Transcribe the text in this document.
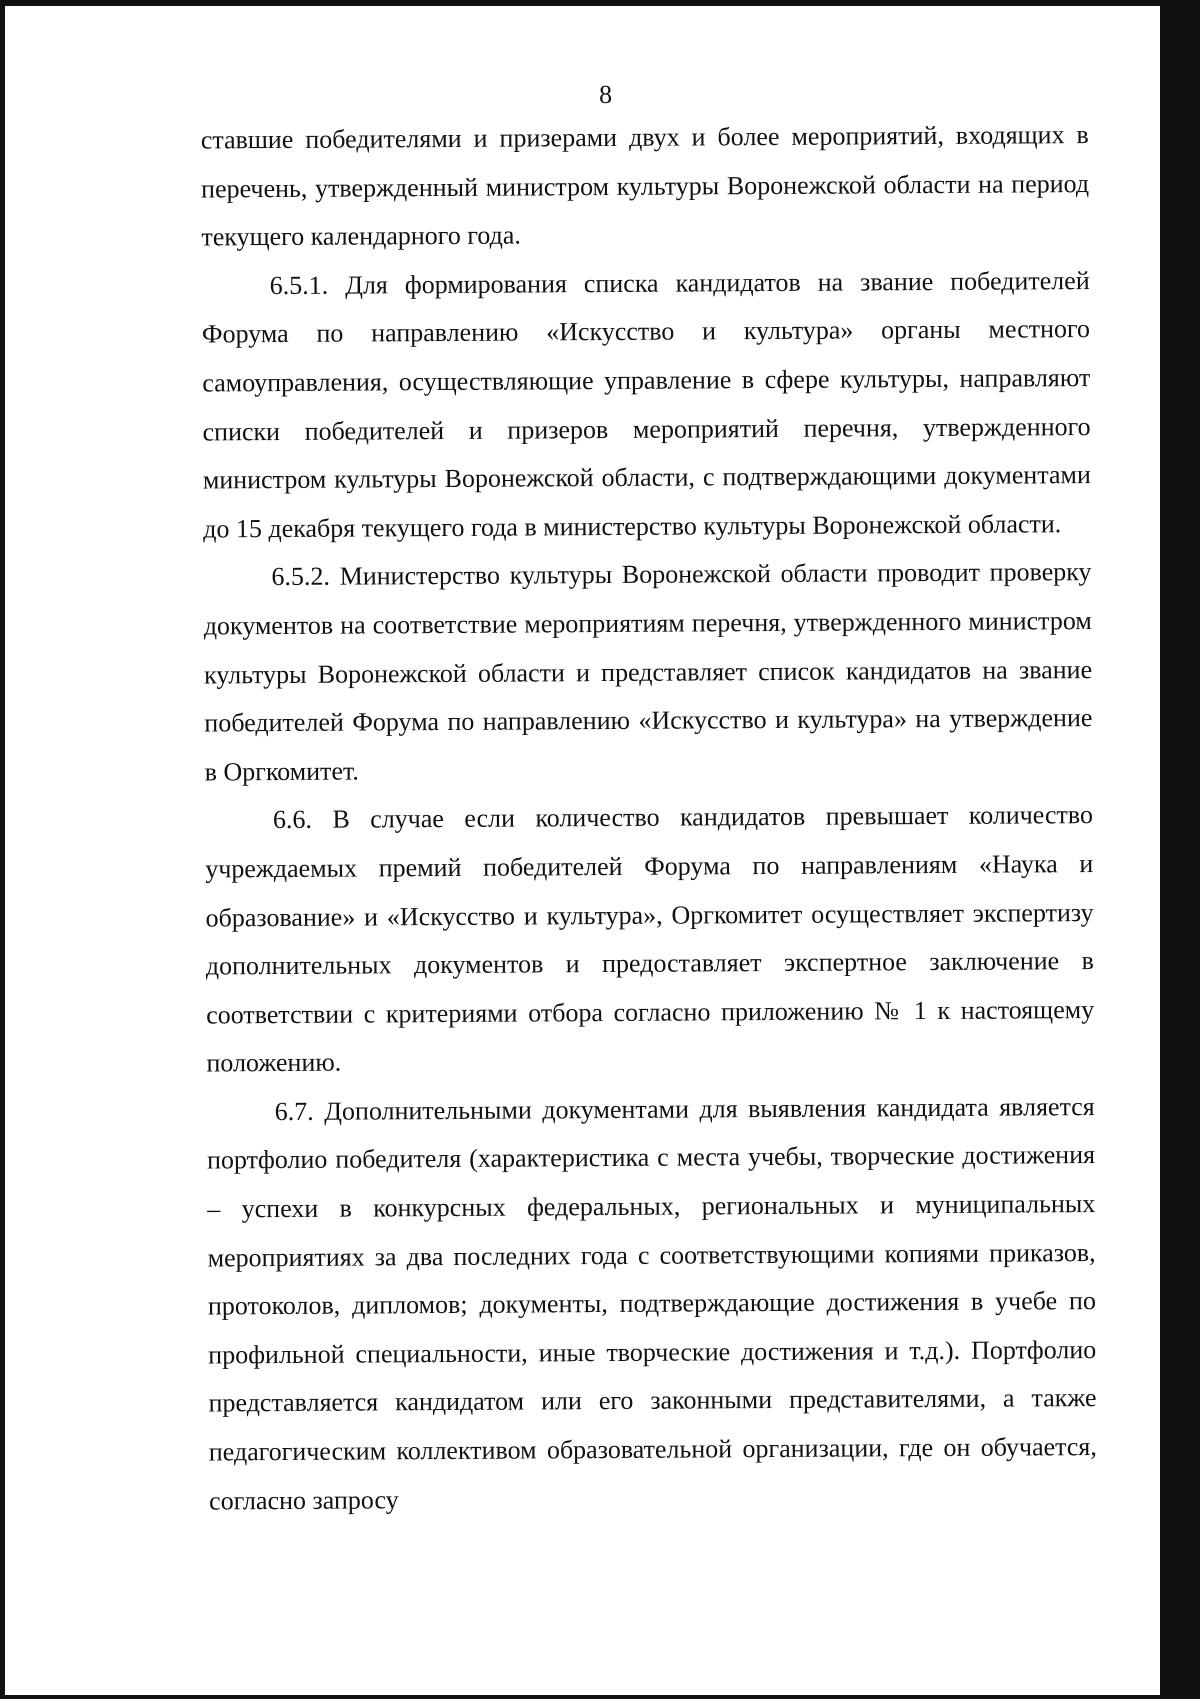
8

ставшие победителями и призерами двух и более мероприятий, входящих в перечень, утвержденный министром культуры Воронежской области на период текущего календарного года.

6.5.1. Для формирования списка кандидатов на звание победителей Форума по направлению «Искусство и культура» органы местного самоуправления, осуществляющие управление в сфере культуры, направляют списки победителей и призеров мероприятий перечня, утвержденного министром культуры Воронежской области, с подтверждающими документами до 15 декабря текущего года в министерство культуры Воронежской области.

6.5.2. Министерство культуры Воронежской области проводит проверку документов на соответствие мероприятиям перечня, утвержденного министром культуры Воронежской области и представляет список кандидатов на звание победителей Форума по направлению «Искусство и культура» на утверждение в Оргкомитет.

6.6. В случае если количество кандидатов превышает количество учреждаемых премий победителей Форума по направлениям «Наука и образование» и «Искусство и культура», Оргкомитет осуществляет экспертизу дополнительных документов и предоставляет экспертное заключение в соответствии с критериями отбора согласно приложению № 1 к настоящему положению.

6.7. Дополнительными документами для выявления кандидата является портфолио победителя (характеристика с места учебы, творческие достижения – успехи в конкурсных федеральных, региональных и муниципальных мероприятиях за два последних года с соответствующими копиями приказов, протоколов, дипломов; документы, подтверждающие достижения в учебе по профильной специальности, иные творческие достижения и т.д.). Портфолио представляется кандидатом или его законными представителями, а также педагогическим коллективом образовательной организации, где он обучается, согласно запросу
